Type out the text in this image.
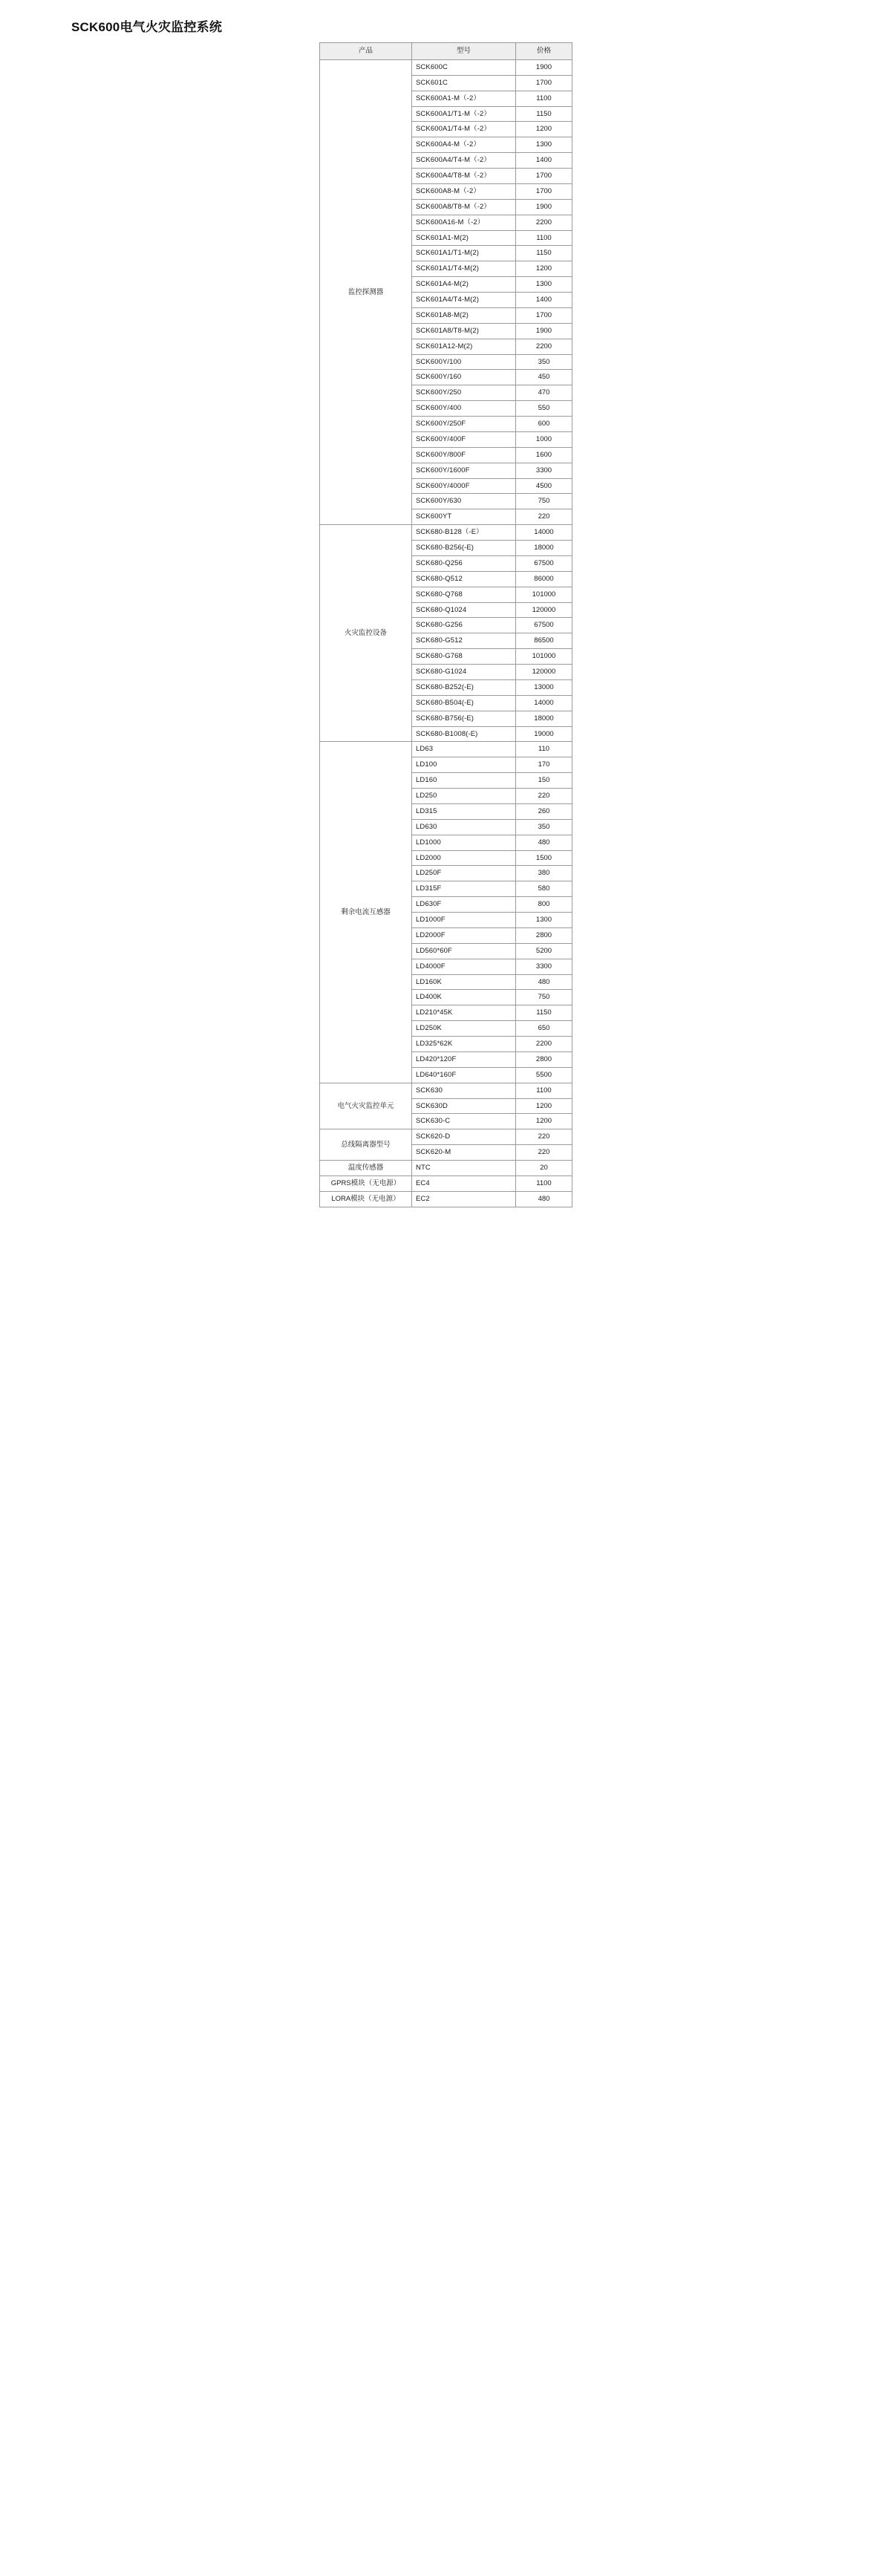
SCK600电气火灾监控系统
产品	型号	价格
监控探测器	SCK600C	1900
	SCK601C	1700
	SCK600A1-M（-2）	1100
	SCK600A1/T1-M（-2）	1150
	SCK600A1/T4-M（-2）	1200
	SCK600A4-M（-2）	1300
	SCK600A4/T4-M（-2）	1400
	SCK600A4/T8-M（-2）	1700
	SCK600A8-M（-2）	1700
	SCK600A8/T8-M（-2）	1900
	SCK600A16-M（-2）	2200
	SCK601A1-M(2)	1100
	SCK601A1/T1-M(2)	1150
	SCK601A1/T4-M(2)	1200
	SCK601A4-M(2)	1300
	SCK601A4/T4-M(2)	1400
	SCK601A8-M(2)	1700
	SCK601A8/T8-M(2)	1900
	SCK601A12-M(2)	2200
	SCK600Y/100	350
	SCK600Y/160	450
	SCK600Y/250	470
	SCK600Y/400	550
	SCK600Y/250F	600
	SCK600Y/400F	1000
	SCK600Y/800F	1600
	SCK600Y/1600F	3300
	SCK600Y/4000F	4500
	SCK600Y/630	750
	SCK600YT	220
火灾监控设备	SCK680-B128（-E）	14000
	SCK680-B256(-E)	18000
	SCK680-Q256	67500
	SCK680-Q512	86000
	SCK680-Q768	101000
	SCK680-Q1024	120000
	SCK680-G256	67500
	SCK680-G512	86500
	SCK680-G768	101000
	SCK680-G1024	120000
	SCK680-B252(-E)	13000
	SCK680-B504(-E)	14000
	SCK680-B756(-E)	18000
	SCK680-B1008(-E)	19000
剩余电流互感器	LD63	110
	LD100	170
	LD160	150
	LD250	220
	LD315	260
	LD630	350
	LD1000	480
	LD2000	1500
	LD250F	380
	LD315F	580
	LD630F	800
	LD1000F	1300
	LD2000F	2800
	LD560*60F	5200
	LD4000F	3300
	LD160K	480
	LD400K	750
	LD210*45K	1150
	LD250K	650
	LD325*62K	2200
	LD420*120F	2800
	LD640*160F	5500
电气火灾监控单元	SCK630	1100
	SCK630D	1200
	SCK630-C	1200
总线隔离器型号	SCK620-D	220
	SCK620-M	220
温度传感器	NTC	20
GPRS模块（无电源）	EC4	1100
LORA模块（无电源）	EC2	480
